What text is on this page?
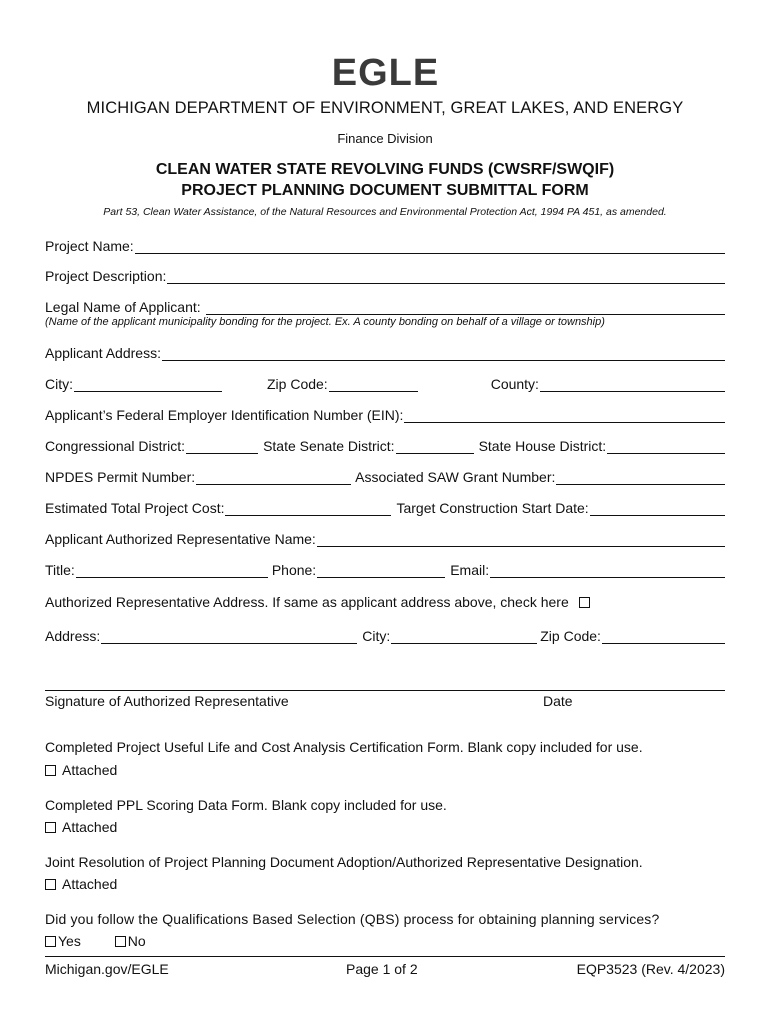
EGLE
MICHIGAN DEPARTMENT OF ENVIRONMENT, GREAT LAKES, AND ENERGY
Finance Division
CLEAN WATER STATE REVOLVING FUNDS (CWSRF/SWQIF)
PROJECT PLANNING DOCUMENT SUBMITTAL FORM
Part 53, Clean Water Assistance, of the Natural Resources and Environmental Protection Act, 1994 PA 451, as amended.
Project Name:
Project Description:
Legal Name of Applicant:
(Name of the applicant municipality bonding for the project. Ex. A county bonding on behalf of a village or township)
Applicant Address:
City:	Zip Code:	County:
Applicant’s Federal Employer Identification Number (EIN):
Congressional District:	State Senate District:	State House District:
NPDES Permit Number:	Associated SAW Grant Number:
Estimated Total Project Cost:	Target Construction Start Date:
Applicant Authorized Representative Name:
Title:	Phone:	Email:
Authorized Representative Address. If same as applicant address above, check here
Address:	City:	Zip Code:
Signature of Authorized Representative	Date
Completed Project Useful Life and Cost Analysis Certification Form. Blank copy included for use.
Attached
Completed PPL Scoring Data Form. Blank copy included for use.
Attached
Joint Resolution of Project Planning Document Adoption/Authorized Representative Designation.
Attached
Did you follow the Qualifications Based Selection (QBS) process for obtaining planning services?
Yes	No
Michigan.gov/EGLE	Page 1 of 2	EQP3523 (Rev. 4/2023)
